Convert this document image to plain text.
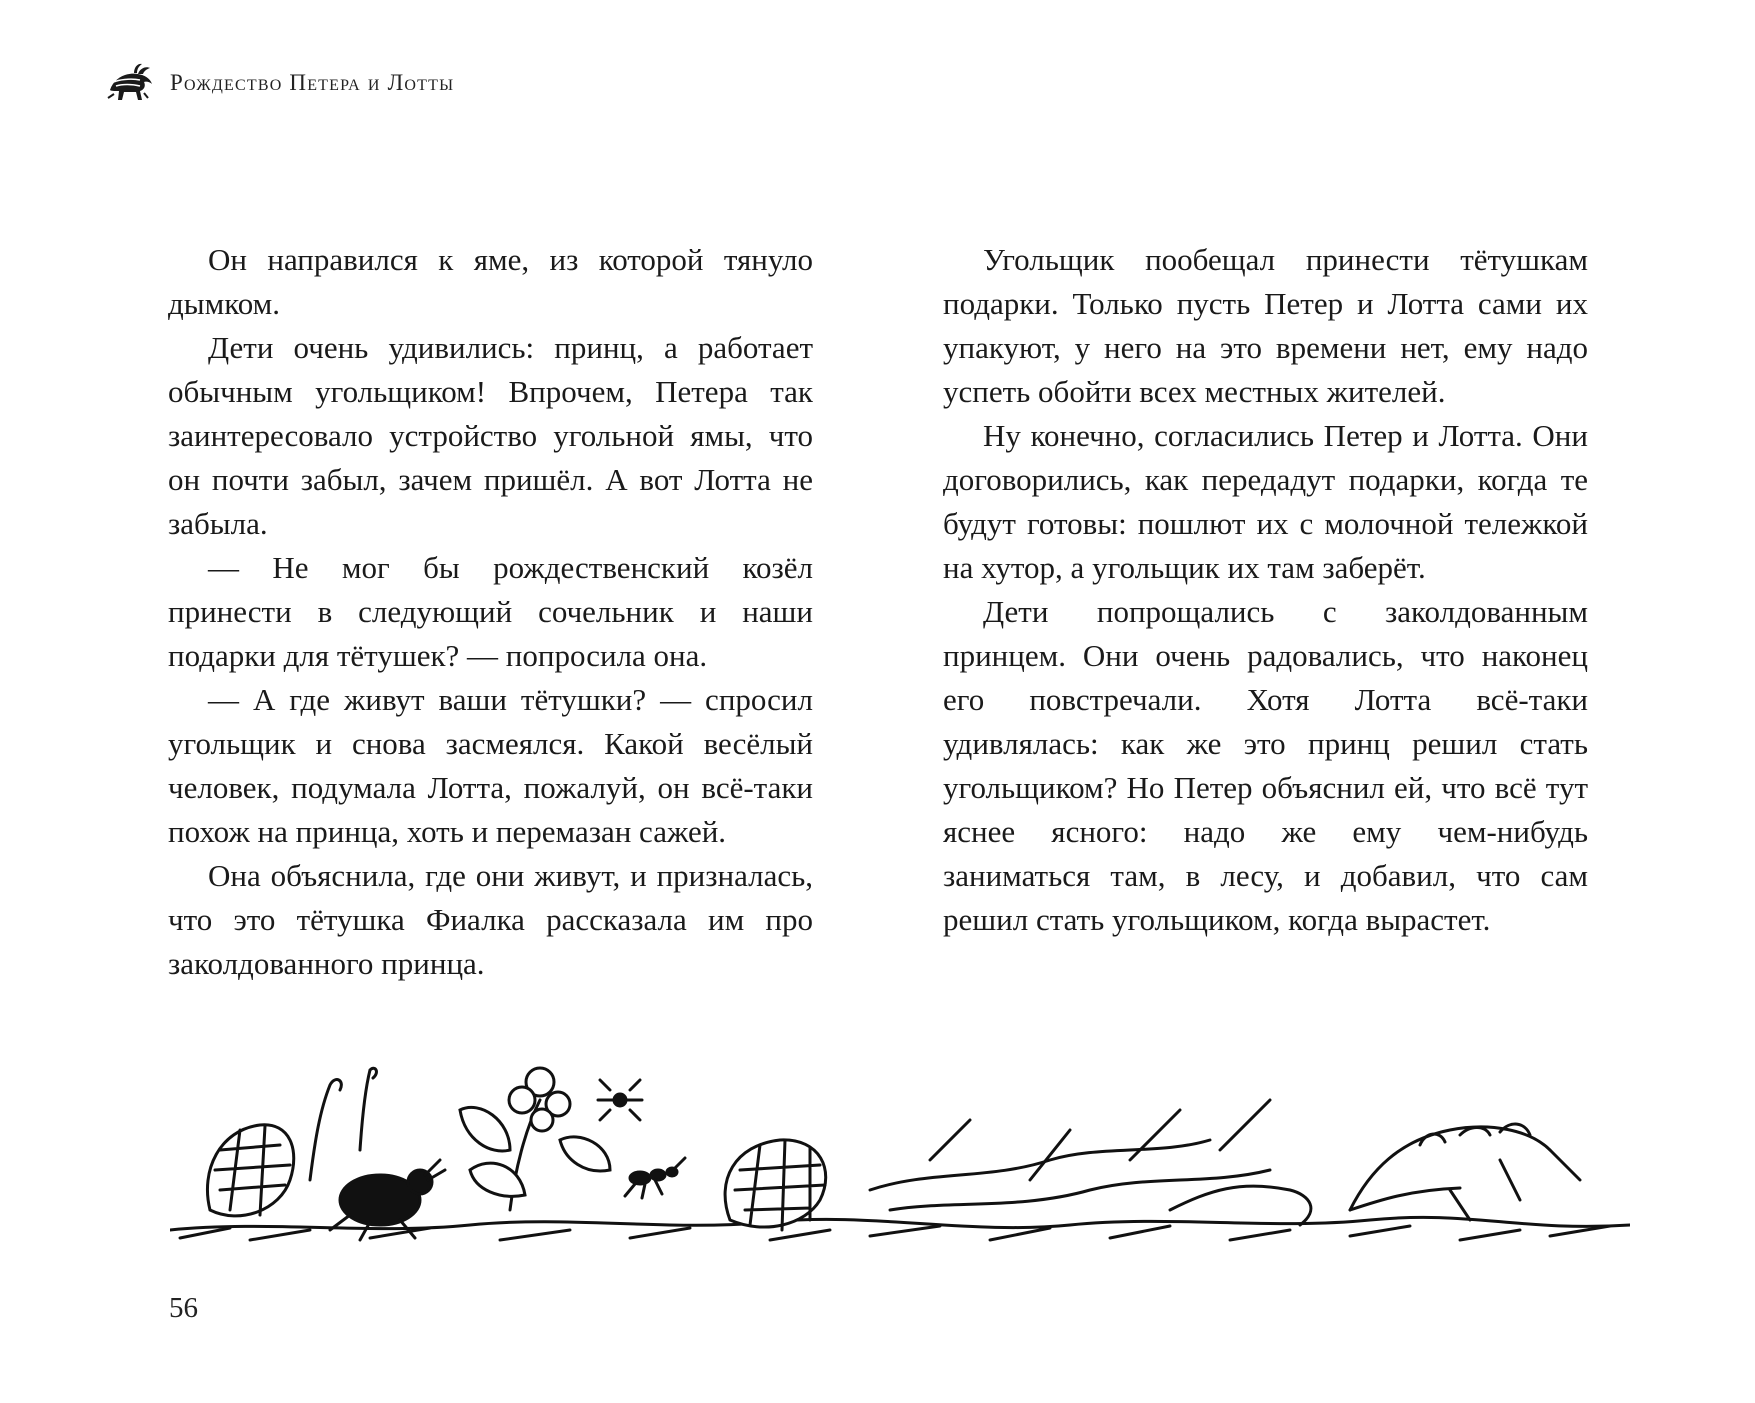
Рождество Петера и Лотты

Он направился к яме, из которой тянуло дымком.

Дети очень удивились: принц, а работает обычным угольщиком! Впрочем, Петера так заинтересовало устройство угольной ямы, что он почти забыл, зачем пришёл. А вот Лотта не забыла.

— Не мог бы рождественский козёл принести в следующий сочельник и наши подарки для тётушек? — попросила она.

— А где живут ваши тётушки? — спросил угольщик и снова засмеялся. Какой весёлый человек, подумала Лотта, пожалуй, он всё-таки похож на принца, хоть и перемазан сажей.

Она объяснила, где они живут, и призналась, что это тётушка Фиалка рассказала им про заколдованного принца.

Угольщик пообещал принести тётушкам подарки. Только пусть Петер и Лотта сами их упакуют, у него на это времени нет, ему надо успеть обойти всех местных жителей.

Ну конечно, согласились Петер и Лотта. Они договорились, как передадут подарки, когда те будут готовы: пошлют их с молочной тележкой на хутор, а угольщик их там заберёт.

Дети попрощались с заколдованным принцем. Они очень радовались, что наконец его повстречали. Хотя Лотта всё-таки удивлялась: как же это принц решил стать угольщиком? Но Петер объяснил ей, что всё тут яснее ясного: надо же ему чем-нибудь заниматься там, в лесу, и добавил, что сам решил стать угольщиком, когда вырастет.

56
